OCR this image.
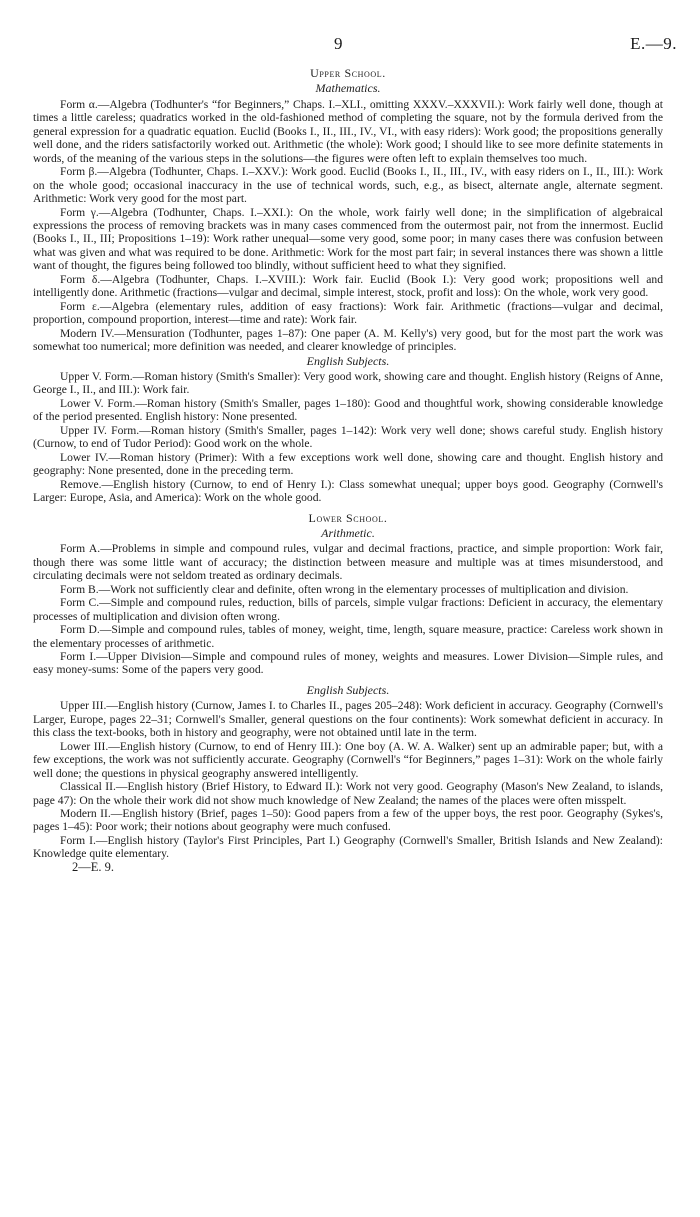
9	E.—9.
Upper School.
Mathematics.

Form α.—Algebra (Todhunter's “for Beginners,” Chaps. I.–XLI., omitting XXXV.–XXXVII.): Work fairly well done, though at times a little careless; quadratics worked in the old-fashioned method of completing the square, not by the formula derived from the general expression for a quadratic equation. Euclid (Books I., II., III., IV., VI., with easy riders): Work good; the propositions generally well done, and the riders satisfactorily worked out. Arithmetic (the whole): Work good; I should like to see more definite statements in words, of the meaning of the various steps in the solutions—the figures were often left to explain themselves too much.

Form β.—Algebra (Todhunter, Chaps. I.–XXV.): Work good. Euclid (Books I., II., III., IV., with easy riders on I., II., III.): Work on the whole good; occasional inaccuracy in the use of technical words, such, e.g., as bisect, alternate angle, alternate segment. Arithmetic: Work very good for the most part.

Form γ.—Algebra (Todhunter, Chaps. I.–XXI.): On the whole, work fairly well done; in the simplification of algebraical expressions the process of removing brackets was in many cases commenced from the outermost pair, not from the innermost. Euclid (Books I., II., III; Propositions 1–19): Work rather unequal—some very good, some poor; in many cases there was confusion between what was given and what was required to be done. Arithmetic: Work for the most part fair; in several instances there was shown a little want of thought, the figures being followed too blindly, without sufficient heed to what they signified.

Form δ.—Algebra (Todhunter, Chaps. I.–XVIII.): Work fair. Euclid (Book I.): Very good work; propositions well and intelligently done. Arithmetic (fractions—vulgar and decimal, simple interest, stock, profit and loss): On the whole, work very good.

Form ε.—Algebra (elementary rules, addition of easy fractions): Work fair. Arithmetic (fractions—vulgar and decimal, proportion, compound proportion, interest—time and rate): Work fair.

Modern IV.—Mensuration (Todhunter, pages 1–87): One paper (A. M. Kelly's) very good, but for the most part the work was somewhat too numerical; more definition was needed, and clearer knowledge of principles.

English Subjects.

Upper V. Form.—Roman history (Smith's Smaller): Very good work, showing care and thought. English history (Reigns of Anne, George I., II., and III.): Work fair.

Lower V. Form.—Roman history (Smith's Smaller, pages 1–180): Good and thoughtful work, showing considerable knowledge of the period presented. English history: None presented.

Upper IV. Form.—Roman history (Smith's Smaller, pages 1–142): Work very well done; shows careful study. English history (Curnow, to end of Tudor Period): Good work on the whole.

Lower IV.—Roman history (Primer): With a few exceptions work well done, showing care and thought. English history and geography: None presented, done in the preceding term.

Remove.—English history (Curnow, to end of Henry I.): Class somewhat unequal; upper boys good. Geography (Cornwell's Larger: Europe, Asia, and America): Work on the whole good.

Lower School.
Arithmetic.

Form A.—Problems in simple and compound rules, vulgar and decimal fractions, practice, and simple proportion: Work fair, though there was some little want of accuracy; the distinction between measure and multiple was at times misunderstood, and circulating decimals were not seldom treated as ordinary decimals.

Form B.—Work not sufficiently clear and definite, often wrong in the elementary processes of multiplication and division.

Form C.—Simple and compound rules, reduction, bills of parcels, simple vulgar fractions: Deficient in accuracy, the elementary processes of multiplication and division often wrong.

Form D.—Simple and compound rules, tables of money, weight, time, length, square measure, practice: Careless work shown in the elementary processes of arithmetic.

Form I.—Upper Division—Simple and compound rules of money, weights and measures. Lower Division—Simple rules, and easy money-sums: Some of the papers very good.

English Subjects.

Upper III.—English history (Curnow, James I. to Charles II., pages 205–248): Work deficient in accuracy. Geography (Cornwell's Larger, Europe, pages 22–31; Cornwell's Smaller, general questions on the four continents): Work somewhat deficient in accuracy. In this class the text-books, both in history and geography, were not obtained until late in the term.

Lower III.—English history (Curnow, to end of Henry III.): One boy (A. W. A. Walker) sent up an admirable paper; but, with a few exceptions, the work was not sufficiently accurate. Geography (Cornwell's “for Beginners,” pages 1–31): Work on the whole fairly well done; the questions in physical geography answered intelligently.

Classical II.—English history (Brief History, to Edward II.): Work not very good. Geography (Mason's New Zealand, to islands, page 47): On the whole their work did not show much knowledge of New Zealand; the names of the places were often misspelt.

Modern II.—English history (Brief, pages 1–50): Good papers from a few of the upper boys, the rest poor. Geography (Sykes's, pages 1–45): Poor work; their notions about geography were much confused.

Form I.—English history (Taylor's First Principles, Part I.) Geography (Cornwell's Smaller, British Islands and New Zealand): Knowledge quite elementary.

2—E. 9.
